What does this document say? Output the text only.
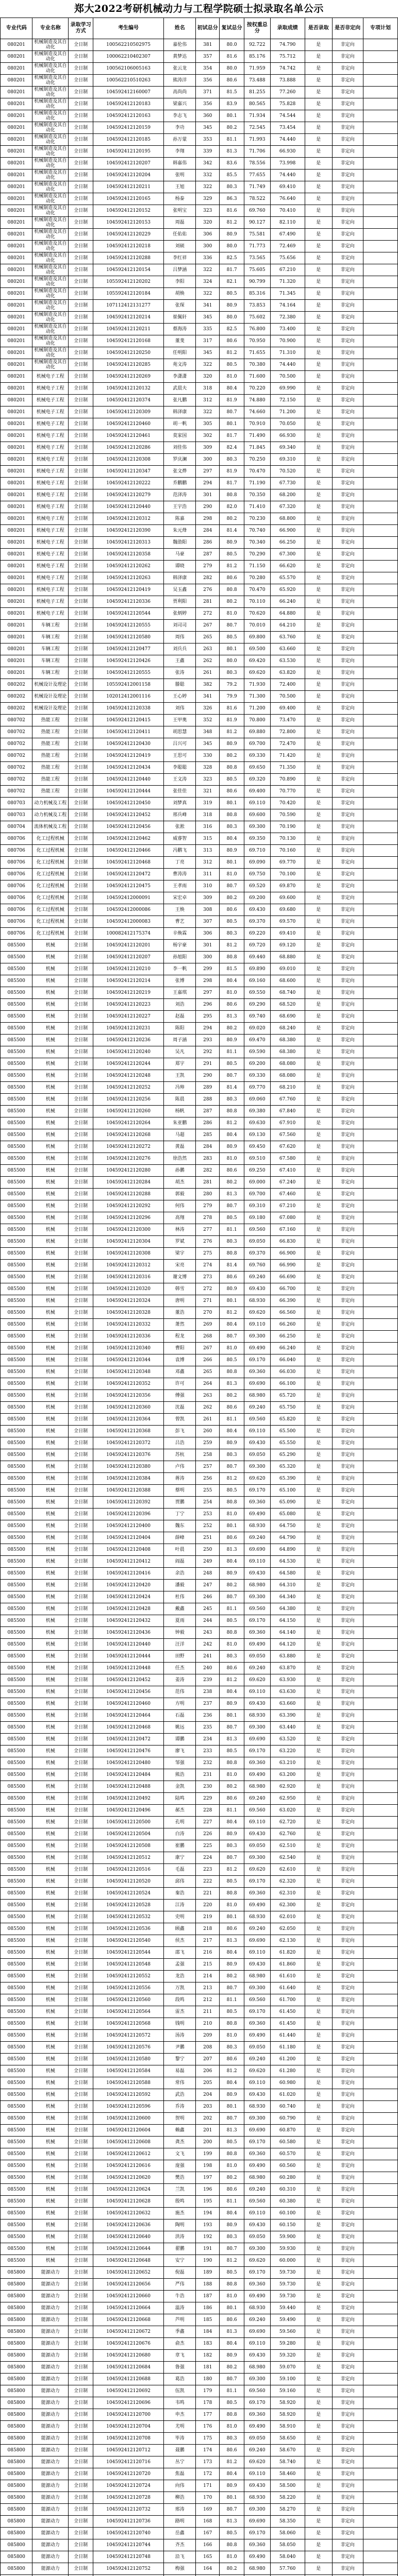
郑大2022考研机械动力与工程学院硕士拟录取名单公示
专业代码	专业名称	录取学习方式	考生编号	姓名	初试总分	复试总分	按权重总分	录取成绩	是否录取	是否非定向	专项计划
080201	机械制造及其自动化	全日制	100562210502975	嘉伦伟	381	80.0	92.722	74.790	是	非定向	
080201	机械制造及其自动化	全日制	100062210402307	黄梦达	357	81.6	85.176	75.712	是	非定向	
080201	机械制造及其自动化	全日制	100562106005163	张云龙	354	80.0	71.959	74.742	是	非定向	
080201	机械制造及其自动化	全日制	100562210510263	熊涛洋	356	80.6	73.488	73.888	是	非定向	
080201	机械制造及其自动化	全日制	104592412160007	高尚尚	371	81.5	81.255	77.260	是	非定向	
080201	机械制造及其自动化	全日制	104592412120183	梁嘉兴	356	83.9	80.565	75.828	是	非定向	
080201	机械制造及其自动化	全日制	104592412120163	李志飞	360	80.1	71.934	74.544	是	非定向	
080201	机械制造及其自动化	全日制	104592412120159	李功	345	80.2	72.545	73.454	是	非定向	
080201	机械制造及其自动化	全日制	104592412120185	孙万蒙	353	81.1	71.993	74.440	是	非定向	
080201	机械制造及其自动化	全日制	104592412120195	李翔	339	81.3	71.706	66.930	是	非定向	
080201	机械制造及其自动化	全日制	104592412120207	韩嘉伟	342	83.6	78.556	73.998	是	非定向	
080201	机械制造及其自动化	全日制	104592412120204	张明	332	85.5	77.655	74.440	是	非定向	
080201	机械制造及其自动化	全日制	104592412120211	王旭	322	80.3	71.749	69.410	是	非定向	
080201	机械制造及其自动化	全日制	104592412120165	杨泰	329	86.3	78.522	76.640	是	非定向	
080201	机械制造及其自动化	全日制	104592412120152	张明宝	323	81.6	69.760	70.410	是	非定向	
080201	机械制造及其自动化	全日制	104592412120153	周磊	320	81.2	90.127	82.110	是	非定向	
080201	机械制造及其自动化	全日制	104592412120229	任佑佑	306	80.9	75.581	67.490	是	非定向	
080201	机械制造及其自动化	全日制	104592412120218	刘硕	300	80.0	71.773	72.469	是	非定向	
080201	机械制造及其自动化	全日制	104592412120288	李红祥	336	82.5	73.565	75.656	是	非定向	
080201	机械制造及其自动化	全日制	104592412120154	吕梦涵	322	81.7	75.605	67.210	是	非定向	
080201	机械制造及其自动化	全日制	105592412120202	李阳	324	82.1	90.799	71.320	是	非定向	
080201	机械制造及其自动化	全日制	105592412120184	胡焕	322	80.5	85.316	71.345	是	非定向	
080201	机械制造及其自动化	全日制	107112412131277	张琛	341	80.9	73.853	74.164	是	非定向	
080201	机械制造及其自动化	全日制	104592412120214	崔佩轩	345	80.0	75.602	72.380	是	非定向	
080201	机械制造及其自动化	全日制	104592412120211	蔡海涛	335	82.5	76.800	73.400	是	非定向	
080201	机械制造及其自动化	全日制	104592412120168	董斐	317	80.6	70.950	70.900	是	非定向	
080201	机械制造及其自动化	全日制	104592412120250	任明阳	345	81.2	71.655	71.310	是	非定向	
080201	机械制造及其自动化	全日制	104592412120285	苑文涛	322	80.5	70.380	74.440	是	非定向	
080201	机械电子工程	全日制	104592412120269	李潇潇	320	81.0	71.600	70.500	是	非定向	
080201	机械电子工程	全日制	104592412120132	武晨夫	318	80.4	70.220	69.990	是	非定向	
080201	机械电子工程	全日制	104592412120374	张凡鹏	312	81.9	74.880	72.150	是	非定向	
080201	机械电子工程	全日制	104592412120309	韩泽康	322	80.7	74.660	71.200	是	非定向	
080201	机械电子工程	全日制	104592412120460	胡一帆	305	80.1	70.910	70.050	是	非定向	
080201	机械电子工程	全日制	104592412120461	莫家国	302	81.7	71.490	66.930	是	非定向	
080201	机械电子工程	全日制	104592412120286	刘佳伟	309	82.4	71.845	69.340	是	非定向	
080201	机械电子工程	全日制	104592412120308	罗庆澜	300	80.3	70.250	69.310	是	非定向	
080201	机械电子工程	全日制	104592412120347	张文烨	297	81.9	70.470	70.520	是	非定向	
080201	机械电子工程	全日制	104592412120222	乔鹏鹏	294	81.7	71.190	67.730	是	非定向	
080201	机械电子工程	全日制	104592412120279	范泽涛	301	80.8	70.350	68.200	是	非定向	
080201	机械电子工程	全日制	104592412120440	王宇浩	290	82.0	71.410	67.320	是	非定向	
080201	机械电子工程	全日制	104592412120312	陈嘉	298	80.2	70.230	68.800	是	非定向	
080201	机械电子工程	全日制	104592412120390	朱元烽	284	81.4	70.740	66.900	是	非定向	
080201	机械电子工程	全日制	104592412120313	魏劭阳	286	80.9	70.340	66.250	是	非定向	
080201	机械电子工程	全日制	104592412120358	马豪	287	80.5	70.290	67.300	是	非定向	
080201	机械电子工程	全日制	104592412120262	谭晓	279	81.2	71.150	66.620	是	非定向	
080201	机械电子工程	全日制	104592412120263	韩泽康	282	80.6	70.280	65.570	是	非定向	
080201	机械电子工程	全日制	104592412120419	吴玉鑫	276	80.8	70.470	65.920	是	非定向	
080201	机械电子工程	全日制	104592412120336	贾利阳	281	80.2	70.110	66.240	是	非定向	
080201	机械电子工程	全日制	104592412120544	张炳婷	272	81.0	70.620	64.880	是	非定向	
080201	车辆工程	全日制	104592412120555	刘司司	267	80.7	70.010	64.210	是	非定向	
080201	车辆工程	全日制	104592412120580	周伟	265	80.5	69.800	63.760	是	非定向	
080201	车辆工程	全日制	104592412120477	刘兵兵	263	80.1	69.500	63.660	是	非定向	
080201	车辆工程	全日制	104592412120426	王鑫	262	80.0	69.420	63.530	是	非定向	
080201	车辆工程	全日制	104592412120555	张涛	261	80.3	69.620	63.820	是	非定向	
080202	机械设计及理论	全日制	105592412001158	滕聪	382	79.2	71.930	72.400	是	非定向	
080202	机械设计及理论	全日制	102012412001116	王心婷	341	79.9	71.300	70.500	是	非定向	
080202	机械设计及理论	全日制	104592412120338	刘伟	326	81.6	71.200	69.400	是	非定向	
080702	热能工程	全日制	104592412120415	王甲奥	352	81.9	70.800	73.470	是	非定向	
080702	热能工程	全日制	104592412120411	胡思慧	348	81.2	69.880	72.800	是	非定向	
080702	热能工程	全日制	104592412120430	吕兴可	345	80.9	69.700	72.470	是	非定向	
080702	热能工程	全日制	104592412120419	王思可	330	80.2	69.330	71.420	是	非定向	
080702	热能工程	全日制	104592412120434	李聪聪	328	80.8	69.650	71.350	是	非定向	
080702	热能工程	全日制	104592412120440	王文涛	323	80.5	69.320	70.890	是	非定向	
080702	热能工程	全日制	104592412120444	张佳佳	321	80.6	69.400	70.770	是	非定向	
080703	动力机械及工程	全日制	104592412120450	刘梦真	319	80.1	69.110	70.420	是	非定向	
080703	动力机械及工程	全日制	104592412120452	邢兵峰	318	80.8	69.600	70.590	是	非定向	
080704	流体机械及工程	全日制	104592412120456	张淞	316	80.3	69.300	70.190	是	非定向	
080706	化工过程机械	全日制	104592412120462	威睿智	315	80.4	69.350	70.130	是	非定向	
080706	化工过程机械	全日制	104592412120466	冯鹏飞	313	80.9	69.710	70.160	是	非定向	
080706	化工过程机械	全日制	104592412120468	丁亮	312	80.1	69.090	69.770	是	非定向	
080706	化工过程机械	全日制	104592412120472	曹涛涛	311	81.0	69.750	70.100	是	非定向	
080706	化工过程机械	全日制	104592412120475	王孝雨	310	80.7	69.520	69.870	是	非定向	
080706	化工过程机械	全日制	104592412000091	宋宏卓	309	80.2	69.200	69.600	是	非定向	
080706	化工过程机械	全日制	104592412000086	王焕	308	80.6	69.430	69.680	是	非定向	
080706	化工过程机械	全日制	104592412000083	曹艺	307	80.5	69.370	69.570	是	非定向	
080706	化工过程机械	全日制	100082412175374	辛焕霖	306	80.3	69.220	69.410	是	非定向	
085500	机械	全日制	104592412120201	杨宇豪	301	81.2	69.720	69.120	是	非定向	
085500	机械	全日制	104592412120207	孙旭阳	300	80.8	69.440	68.880	是	非定向	
085500	机械	全日制	104592412120210	李一帆	299	81.5	69.890	69.010	是	非定向	
085500	机械	全日制	104592412120214	张博	298	80.4	69.160	68.600	是	非定向	
085500	机械	全日制	104592412120219	王嘉琪	297	81.0	69.550	68.740	是	非定向	
085500	机械	全日制	104592412120223	刘浩	296	80.6	69.290	68.520	是	非定向	
085500	机械	全日制	104592412120227	赵磊	295	81.3	69.740	68.690	是	非定向	
085500	机械	全日制	104592412120231	陈阳	294	80.2	69.020	68.240	是	非定向	
085500	机械	全日制	104592412120236	周子涵	293	80.9	69.470	68.380	是	非定向	
085500	机械	全日制	104592412120240	吴凡	292	81.1	69.590	68.380	是	非定向	
085500	机械	全日制	104592412120244	郑宇	291	80.5	69.200	68.080	是	非定向	
085500	机械	全日制	104592412120248	王凯	290	80.7	69.330	68.080	是	非定向	
085500	机械	全日制	104592412120252	冯帅	289	81.4	69.770	68.210	是	非定向	
085500	机械	全日制	104592412120256	陈晨	288	80.3	69.060	67.760	是	非定向	
085500	机械	全日制	104592412120260	杨帆	287	80.8	69.380	67.840	是	非定向	
085500	机械	全日制	104592412120264	朱亚鹏	286	81.2	69.630	67.910	是	非定向	
085500	机械	全日制	104592412120268	马超	285	80.4	69.130	67.560	是	非定向	
085500	机械	全日制	104592412120272	黄磊	284	80.9	69.450	67.620	是	非定向	
085500	机械	全日制	104592412120276	徐浩然	283	81.0	69.510	67.580	是	非定向	
085500	机械	全日制	104592412120280	孙鹏	282	80.6	69.250	67.410	是	非定向	
085500	机械	全日制	104592412120284	胡杰	281	80.2	69.000	67.240	是	非定向	
085500	机械	全日制	104592412120288	郭毅	280	81.3	69.700	67.460	是	非定向	
085500	机械	全日制	104592412120292	何伟	279	80.7	69.310	67.210	是	非定向	
085500	机械	全日制	104592412120296	高翔	278	80.5	69.180	67.080	是	非定向	
085500	机械	全日制	104592412120300	林涛	277	81.1	69.560	67.160	是	非定向	
085500	机械	全日制	104592412120304	罗斌	276	80.3	69.050	66.830	是	非定向	
085500	机械	全日制	104592412120308	梁宇	275	80.8	69.370	66.900	是	非定向	
085500	机械	全日制	104592412120312	宋亮	274	81.4	69.760	66.990	是	非定向	
085500	机械	全日制	104592412120316	谢文博	273	80.6	69.240	66.690	是	非定向	
085500	机械	全日制	104592412120320	韩雪	272	80.9	69.430	66.700	是	非定向	
085500	机械	全日制	104592412120324	唐明	271	80.1	68.930	66.390	是	非定向	
085500	机械	全日制	104592412120328	董浩	270	81.2	69.620	66.560	是	非定向	
085500	机械	全日制	104592412120332	萧然	269	80.4	69.110	66.260	是	非定向	
085500	机械	全日制	104592412120336	程龙	268	80.7	69.300	66.250	是	非定向	
085500	机械	全日制	104592412120340	曹阳	267	81.0	69.490	66.240	是	非定向	
085500	机械	全日制	104592412120344	袁博	266	80.5	69.170	66.040	是	非定向	
085500	机械	全日制	104592412120348	邓鑫	265	80.8	69.360	66.030	是	非定向	
085500	机械	全日制	104592412120352	许可	264	81.3	69.690	66.100	是	非定向	
085500	机械	全日制	104592412120356	傅强	263	80.2	68.980	65.720	是	非定向	
085500	机械	全日制	104592412120360	沈磊	262	80.6	69.240	65.750	是	非定向	
085500	机械	全日制	104592412120364	曾凯	261	81.1	69.560	65.820	是	非定向	
085500	机械	全日制	104592412120368	彭飞	260	80.4	69.110	65.500	是	非定向	
085500	机械	全日制	104592412120372	吕浩	259	80.9	69.430	65.550	是	非定向	
085500	机械	全日制	104592412120376	苏杭	258	80.3	69.050	65.290	是	非定向	
085500	机械	全日制	104592412120380	卢伟	257	80.7	69.300	65.320	是	非定向	
085500	机械	全日制	104592412120384	蒋涛	256	81.2	69.620	65.390	是	非定向	
085500	机械	全日制	104592412120388	蔡明	255	80.5	69.170	65.100	是	非定向	
085500	机械	全日制	104592412120392	贾鹏	254	80.8	69.360	65.090	是	非定向	
085500	机械	全日制	104592412120396	丁宁	253	81.0	69.490	65.080	是	非定向	
085500	机械	全日制	104592412120400	魏东	252	80.1	68.930	64.750	是	非定向	
085500	机械	全日制	104592412120404	薛峰	251	80.6	69.240	64.790	是	非定向	
085500	机械	全日制	104592412120408	叶晨	250	81.3	69.690	64.890	是	非定向	
085500	机械	全日制	104592412120412	阎磊	249	80.4	69.110	64.530	是	非定向	
085500	机械	全日制	104592412120416	余浩	248	80.9	69.430	64.580	是	非定向	
085500	机械	全日制	104592412120420	潘毅	247	80.2	68.980	64.310	是	非定向	
085500	机械	全日制	104592412120424	杜伟	246	80.7	69.300	64.340	是	非定向	
085500	机械	全日制	104592412120428	戴鑫	245	81.1	69.560	64.380	是	非定向	
085500	机械	全日制	104592412120432	夏雨	244	80.5	69.170	64.150	是	非定向	
085500	机械	全日制	104592412120436	钟毅	243	80.8	69.360	64.140	是	非定向	
085500	机械	全日制	104592412120440	汪洋	242	81.0	69.490	64.120	是	非定向	
085500	机械	全日制	104592412120444	田野	241	80.3	69.050	63.880	是	非定向	
085500	机械	全日制	104592412120448	任杰	240	80.6	69.240	63.870	是	非定向	
085500	机械	全日制	104592412120452	姜涛	239	81.2	69.620	63.930	是	非定向	
085500	机械	全日制	104592412120456	范伟	238	80.4	69.110	63.630	是	非定向	
085500	机械	全日制	104592412120460	方明	237	80.9	69.430	63.660	是	非定向	
085500	机械	全日制	104592412120464	石磊	236	80.1	68.930	63.390	是	非定向	
085500	机械	全日制	104592412120468	姚远	235	80.7	69.300	63.440	是	非定向	
085500	机械	全日制	104592412120472	谭鹏	234	81.3	69.690	63.520	是	非定向	
085500	机械	全日制	104592412120476	廖飞	233	80.5	69.170	63.220	是	非定向	
085500	机械	全日制	104592412120480	邹强	232	80.8	69.360	63.210	是	非定向	
085500	机械	全日制	104592412120484	熊浩	231	81.0	69.490	63.200	是	非定向	
085500	机械	全日制	104592412120488	金凯	230	80.2	68.980	62.920	是	非定向	
085500	机械	全日制	104592412120492	陆鸣	229	80.6	69.240	62.950	是	非定向	
085500	机械	全日制	104592412120496	郝杰	228	81.1	69.560	63.020	是	非定向	
085500	机械	全日制	104592412120500	孔明	227	80.4	69.110	62.720	是	非定向	
085500	机械	全日制	104592412120504	白涛	226	80.9	69.430	62.760	是	非定向	
085500	机械	全日制	104592412120508	崔鹏	225	80.3	69.050	62.510	是	非定向	
085500	机械	全日制	104592412120512	康宁	224	80.7	69.300	62.540	是	非定向	
085500	机械	全日制	104592412120516	毛磊	223	81.2	69.620	62.610	是	非定向	
085500	机械	全日制	104592412120520	邱伟	222	80.5	69.170	62.320	是	非定向	
085500	机械	全日制	104592412120524	秦浩	221	80.8	69.360	62.310	是	非定向	
085500	机械	全日制	104592412120528	江涛	220	81.0	69.490	62.300	是	非定向	
085500	机械	全日制	104592412120532	史明	219	80.1	68.930	62.010	是	非定向	
085500	机械	全日制	104592412120536	顾鑫	218	80.6	69.240	62.050	是	非定向	
085500	机械	全日制	104592412120540	侯杰	217	81.3	69.690	62.130	是	非定向	
085500	机械	全日制	104592412120544	邵飞	216	80.4	69.110	61.820	是	非定向	
085500	机械	全日制	104592412120548	孟强	215	80.9	69.430	61.860	是	非定向	
085500	机械	全日制	104592412120552	龙浩	214	80.2	68.980	61.610	是	非定向	
085500	机械	全日制	104592412120556	万凯	213	80.7	69.300	61.640	是	非定向	
085500	机械	全日制	104592412120560	段鸣	212	81.1	69.560	61.700	是	非定向	
085500	机械	全日制	104592412120564	雷杰	211	80.5	69.170	61.450	是	非定向	
085500	机械	全日制	104592412120568	钱明	210	80.8	69.360	61.450	是	非定向	
085500	机械	全日制	104592412120572	汤涛	209	81.0	69.490	61.440	是	非定向	
085500	机械	全日制	104592412120576	尹鹏	208	80.3	69.050	61.180	是	非定向	
085500	机械	全日制	104592412120580	黎宁	207	80.6	69.240	61.200	是	非定向	
085500	机械	全日制	104592412120584	易磊	206	81.2	69.620	61.280	是	非定向	
085500	机械	全日制	104592412120588	常伟	205	80.4	69.110	60.980	是	非定向	
085500	机械	全日制	104592412120592	武浩	204	80.9	69.430	61.020	是	非定向	
085500	机械	全日制	104592412120596	乔涛	203	80.1	68.930	60.740	是	非定向	
085500	机械	全日制	104592412120600	贺明	202	80.7	69.300	60.790	是	非定向	
085500	机械	全日制	104592412120604	赖鑫	201	81.3	69.690	60.870	是	非定向	
085500	机械	全日制	104592412120608	龚杰	200	80.5	69.170	60.580	是	非定向	
085500	机械	全日制	104592412120612	文飞	199	80.8	69.360	60.570	是	非定向	
085500	机械	全日制	104592412120616	庞强	198	81.0	69.490	60.560	是	非定向	
085500	机械	全日制	104592412120620	樊浩	197	80.2	68.980	60.280	是	非定向	
085500	机械	全日制	104592412120624	兰凯	196	80.6	69.240	60.310	是	非定向	
085500	机械	全日制	104592412120628	殷鸣	195	81.1	69.560	60.380	是	非定向	
085500	机械	全日制	104592412120632	施杰	194	80.4	69.110	60.100	是	非定向	
085500	机械	全日制	104592412120636	陶明	193	80.9	69.430	60.150	是	非定向	
085500	机械	全日制	104592412120640	洪涛	192	80.3	69.050	59.900	是	非定向	
085500	机械	全日制	104592412120644	翟鹏	191	80.7	69.300	59.930	是	非定向	
085500	机械	全日制	104592412120648	安宁	190	81.2	69.620	60.000	是	非定向	
085800	能源动力	全日制	104592412120652	倪磊	189	80.5	69.170	59.730	是	非定向	
085800	能源动力	全日制	104592412120656	严伟	188	80.8	69.360	59.730	是	非定向	
085800	能源动力	全日制	104592412120660	牛浩	187	81.0	69.490	59.730	是	非定向	
085800	能源动力	全日制	104592412120664	温涛	186	80.1	68.930	59.440	是	非定向	
085800	能源动力	全日制	104592412120668	芦明	185	80.6	69.240	59.490	是	非定向	
085800	能源动力	全日制	104592412120672	季鑫	184	81.3	69.690	59.560	是	非定向	
085800	能源动力	全日制	104592412120676	俞杰	183	80.4	69.110	59.280	是	非定向	
085800	能源动力	全日制	104592412120680	章飞	182	80.9	69.430	59.320	是	非定向	
085800	能源动力	全日制	104592412120684	鲁强	181	80.2	68.980	59.070	是	非定向	
085800	能源动力	全日制	104592412120688	葛浩	180	80.7	69.300	59.100	是	非定向	
085800	能源动力	全日制	104592412120692	伍凯	179	81.1	69.560	59.160	是	非定向	
085800	能源动力	全日制	104592412120696	韦鸣	178	80.5	69.170	58.920	是	非定向	
085800	能源动力	全日制	104592412120700	申杰	177	80.8	69.360	58.920	是	非定向	
085800	能源动力	全日制	104592412120704	尤明	176	81.0	69.490	58.910	是	非定向	
085800	能源动力	全日制	104592412120708	毕涛	175	80.3	69.050	58.650	是	非定向	
085800	能源动力	全日制	104592412120712	聂鹏	174	80.6	69.240	58.670	是	非定向	
085800	能源动力	全日制	104592412120716	丛宁	173	81.2	69.620	58.740	是	非定向	
085800	能源动力	全日制	104592412120720	焦磊	172	80.4	69.110	58.460	是	非定向	
085800	能源动力	全日制	104592412120724	向伟	171	80.9	69.430	58.500	是	非定向	
085800	能源动力	全日制	104592412120728	柳浩	170	80.1	68.930	58.220	是	非定向	
085800	能源动力	全日制	104592412120732	邢涛	169	80.7	69.300	58.270	是	非定向	
085800	能源动力	全日制	104592412120736	路明	168	81.3	69.690	58.350	是	非定向	
085800	能源动力	全日制	104592412120740	岳鑫	167	80.5	69.170	58.060	是	非定向	
085800	能源动力	全日制	104592412120744	齐杰	166	80.8	69.360	58.050	是	非定向	
085800	能源动力	全日制	104592412120748	沿飞	165	81.0	69.490	58.040	是	非定向	
085800	能源动力	全日制	104592412120752	梅强	164	80.2	68.980	57.760	是	非定向	
